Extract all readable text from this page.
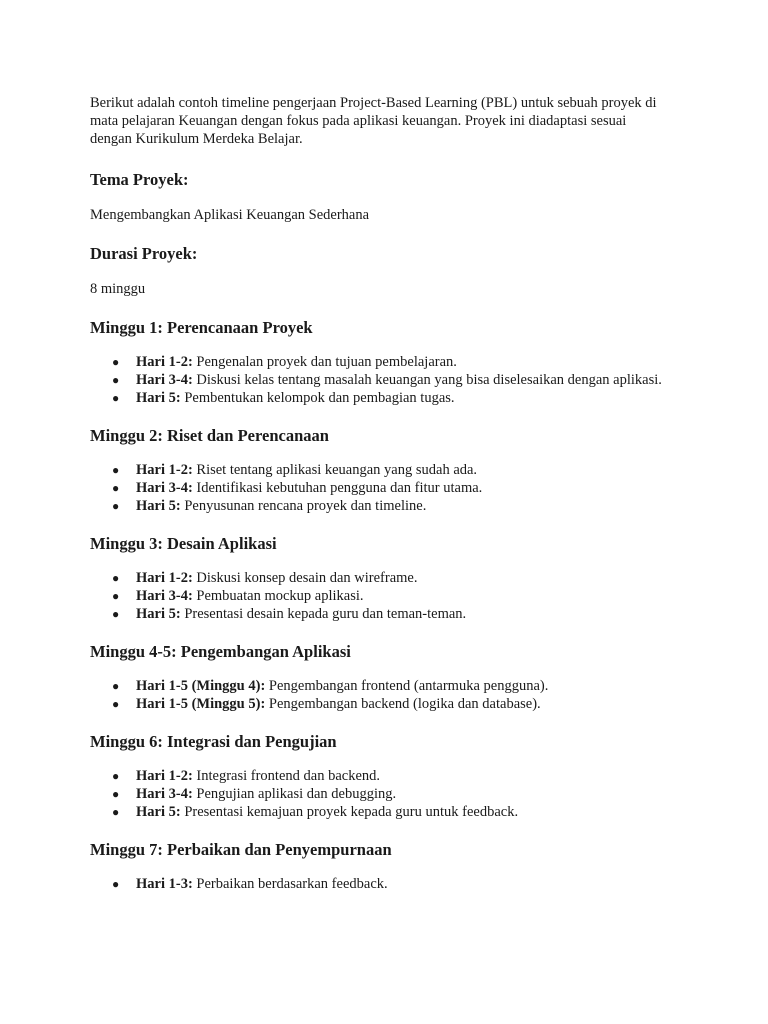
Berikut adalah contoh timeline pengerjaan Project-Based Learning (PBL) untuk sebuah proyek di mata pelajaran Keuangan dengan fokus pada aplikasi keuangan. Proyek ini diadaptasi sesuai dengan Kurikulum Merdeka Belajar.

Tema Proyek:

Mengembangkan Aplikasi Keuangan Sederhana

Durasi Proyek:

8 minggu

Minggu 1: Perencanaan Proyek
● Hari 1-2: Pengenalan proyek dan tujuan pembelajaran.
● Hari 3-4: Diskusi kelas tentang masalah keuangan yang bisa diselesaikan dengan aplikasi.
● Hari 5: Pembentukan kelompok dan pembagian tugas.
Minggu 2: Riset dan Perencanaan
● Hari 1-2: Riset tentang aplikasi keuangan yang sudah ada.
● Hari 3-4: Identifikasi kebutuhan pengguna dan fitur utama.
● Hari 5: Penyusunan rencana proyek dan timeline.
Minggu 3: Desain Aplikasi
● Hari 1-2: Diskusi konsep desain dan wireframe.
● Hari 3-4: Pembuatan mockup aplikasi.
● Hari 5: Presentasi desain kepada guru dan teman-teman.
Minggu 4-5: Pengembangan Aplikasi
● Hari 1-5 (Minggu 4): Pengembangan frontend (antarmuka pengguna).
● Hari 1-5 (Minggu 5): Pengembangan backend (logika dan database).
Minggu 6: Integrasi dan Pengujian
● Hari 1-2: Integrasi frontend dan backend.
● Hari 3-4: Pengujian aplikasi dan debugging.
● Hari 5: Presentasi kemajuan proyek kepada guru untuk feedback.
Minggu 7: Perbaikan dan Penyempurnaan
● Hari 1-3: Perbaikan berdasarkan feedback.
